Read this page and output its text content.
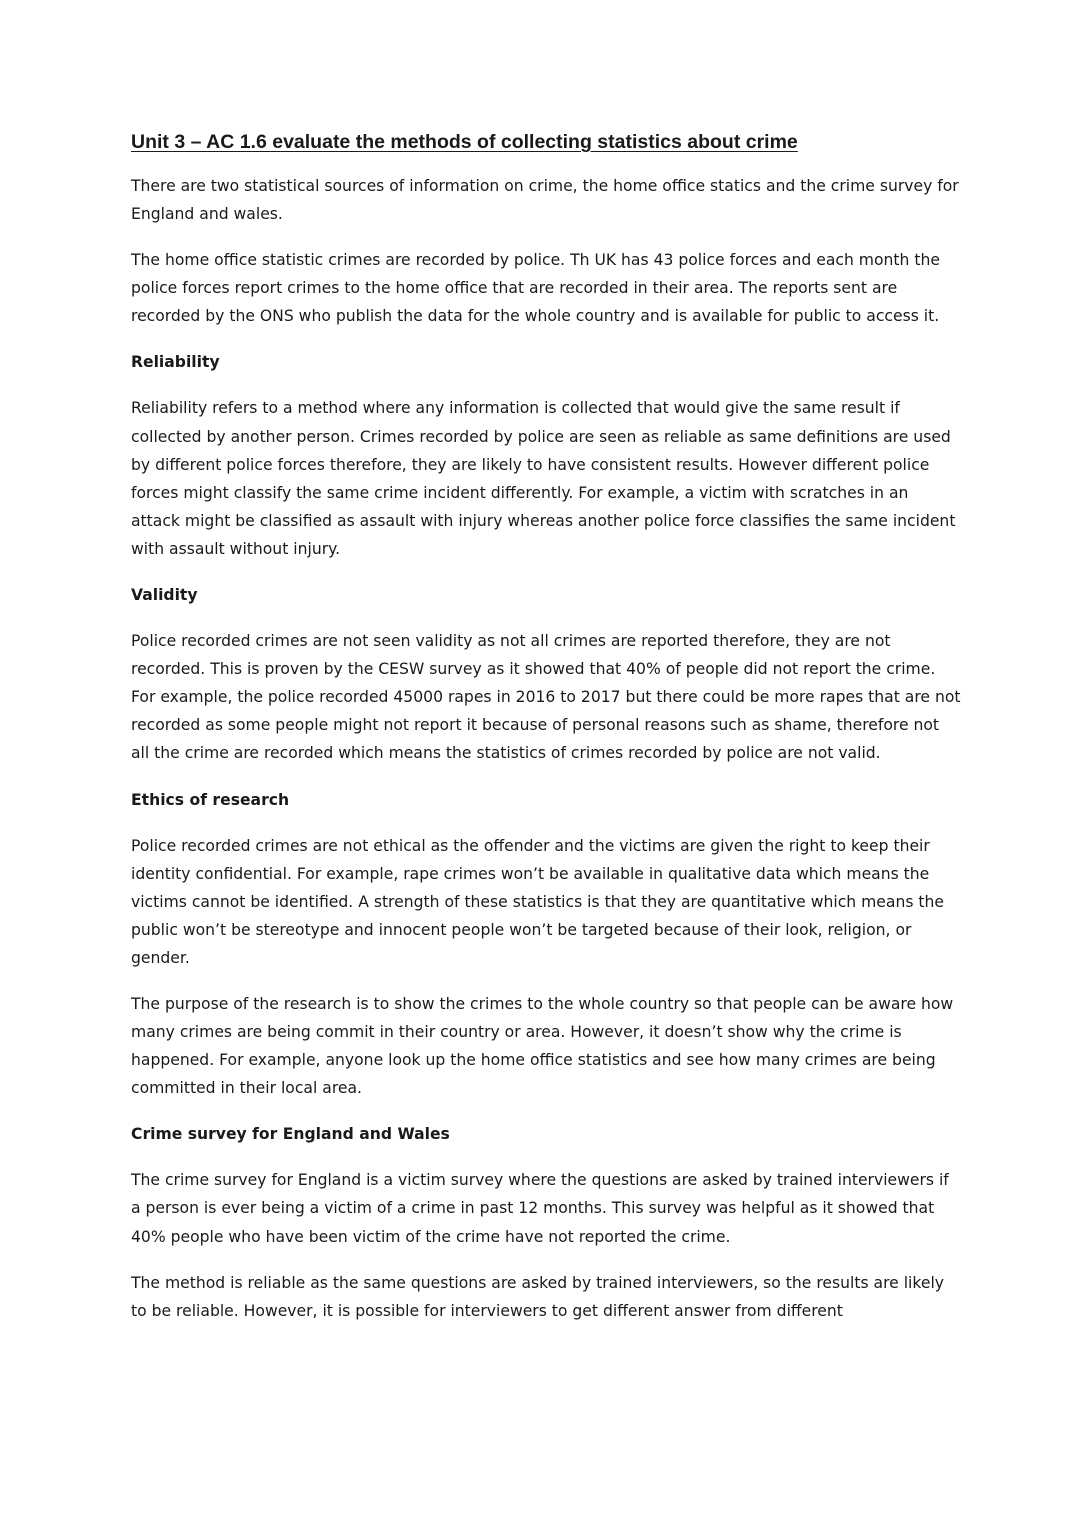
Unit 3 – AC 1.6 evaluate the methods of collecting statistics about crime

There are two statistical sources of information on crime, the home office statics and the crime survey for England and wales.

The home office statistic crimes are recorded by police. Th UK has 43 police forces and each month the police forces report crimes to the home office that are recorded in their area. The reports sent are recorded by the ONS who publish the data for the whole country and is available for public to access it.

Reliability

Reliability refers to a method where any information is collected that would give the same result if collected by another person. Crimes recorded by police are seen as reliable as same definitions are used by different police forces therefore, they are likely to have consistent results. However different police forces might classify the same crime incident differently. For example, a victim with scratches in an attack might be classified as assault with injury whereas another police force classifies the same incident with assault without injury.

Validity

Police recorded crimes are not seen validity as not all crimes are reported therefore, they are not recorded. This is proven by the CESW survey as it showed that 40% of people did not report the crime. For example, the police recorded 45000 rapes in 2016 to 2017 but there could be more rapes that are not recorded as some people might not report it because of personal reasons such as shame, therefore not all the crime are recorded which means the statistics of crimes recorded by police are not valid.

Ethics of research

Police recorded crimes are not ethical as the offender and the victims are given the right to keep their identity confidential. For example, rape crimes won’t be available in qualitative data which means the victims cannot be identified. A strength of these statistics is that they are quantitative which means the public won’t be stereotype and innocent people won’t be targeted because of their look, religion, or gender.

The purpose of the research is to show the crimes to the whole country so that people can be aware how many crimes are being commit in their country or area. However, it doesn’t show why the crime is happened. For example, anyone look up the home office statistics and see how many crimes are being committed in their local area.

Crime survey for England and Wales

The crime survey for England is a victim survey where the questions are asked by trained interviewers if a person is ever being a victim of a crime in past 12 months. This survey was helpful as it showed that 40% people who have been victim of the crime have not reported the crime.

The method is reliable as the same questions are asked by trained interviewers, so the results are likely to be reliable. However, it is possible for interviewers to get different answer from different
